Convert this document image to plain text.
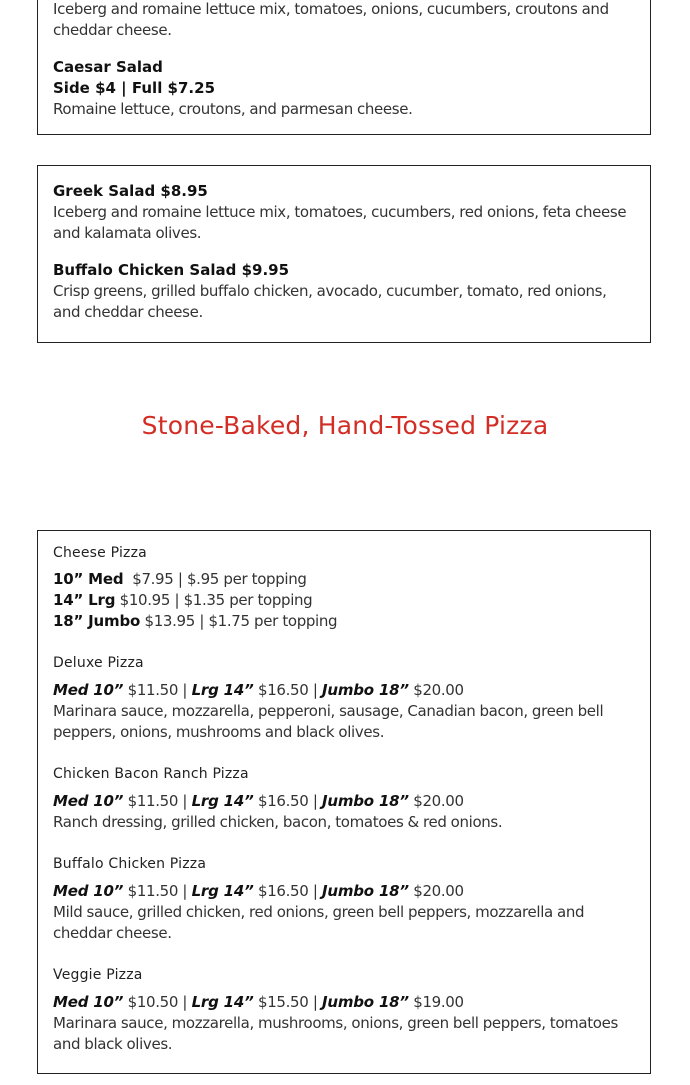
Iceberg and romaine lettuce mix, tomatoes, onions, cucumbers, croutons and cheddar cheese.
Caesar Salad
Side $4 | Full $7.25
Romaine lettuce, croutons, and parmesan cheese.
Greek Salad $8.95
Iceberg and romaine lettuce mix, tomatoes, cucumbers, red onions, feta cheese and kalamata olives.
Buffalo Chicken Salad $9.95
Crisp greens, grilled buffalo chicken, avocado, cucumber, tomato, red onions, and cheddar cheese.
Stone-Baked, Hand-Tossed Pizza
Cheese Pizza
10” Med $7.95 | $.95 per topping
14” Lrg $10.95 | $1.35 per topping
18” Jumbo $13.95 | $1.75 per topping
Deluxe Pizza
Med 10” $11.50 | Lrg 14” $16.50 | Jumbo 18” $20.00
Marinara sauce, mozzarella, pepperoni, sausage, Canadian bacon, green bell peppers, onions, mushrooms and black olives.
Chicken Bacon Ranch Pizza
Med 10” $11.50 | Lrg 14” $16.50 | Jumbo 18” $20.00
Ranch dressing, grilled chicken, bacon, tomatoes & red onions.
Buffalo Chicken Pizza
Med 10” $11.50 | Lrg 14” $16.50 | Jumbo 18” $20.00
Mild sauce, grilled chicken, red onions, green bell peppers, mozzarella and cheddar cheese.
Veggie Pizza
Med 10” $10.50 | Lrg 14” $15.50 | Jumbo 18” $19.00
Marinara sauce, mozzarella, mushrooms, onions, green bell peppers, tomatoes and black olives.
